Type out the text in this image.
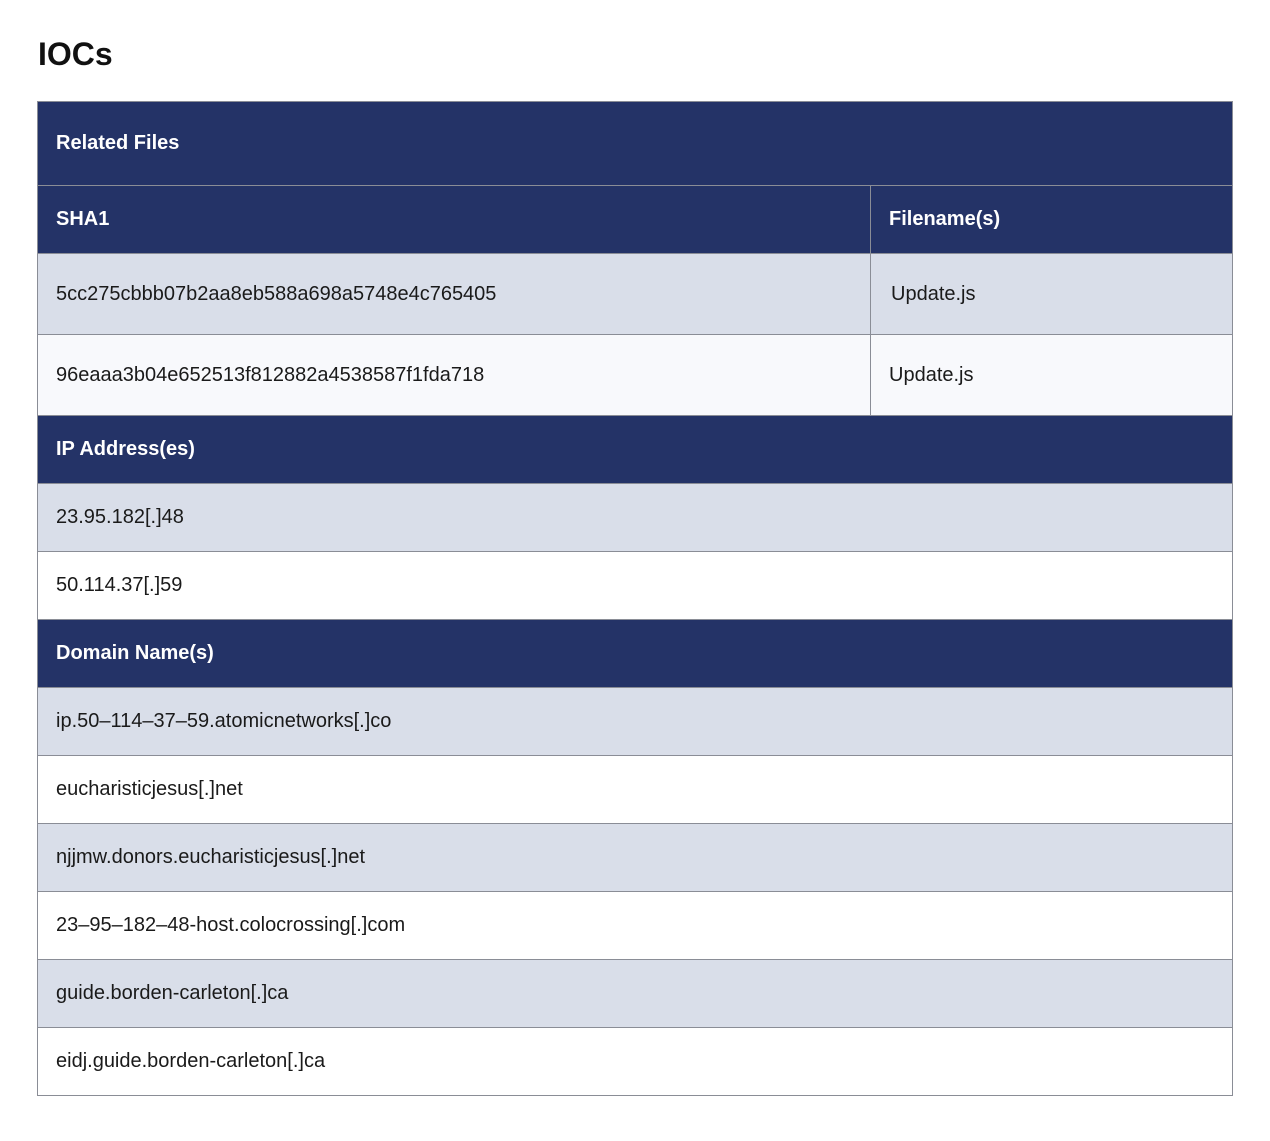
IOCs
Related Files
SHA1	Filename(s)
5cc275cbbb07b2aa8eb588a698a5748e4c765405	Update.js
96eaaa3b04e652513f812882a4538587f1fda718	Update.js
IP Address(es)
23.95.182[.]48
50.114.37[.]59
Domain Name(s)
ip.50–114–37–59.atomicnetworks[.]co
eucharisticjesus[.]net
njjmw.donors.eucharisticjesus[.]net
23–95–182–48-host.colocrossing[.]com
guide.borden-carleton[.]ca
eidj.guide.borden-carleton[.]ca
